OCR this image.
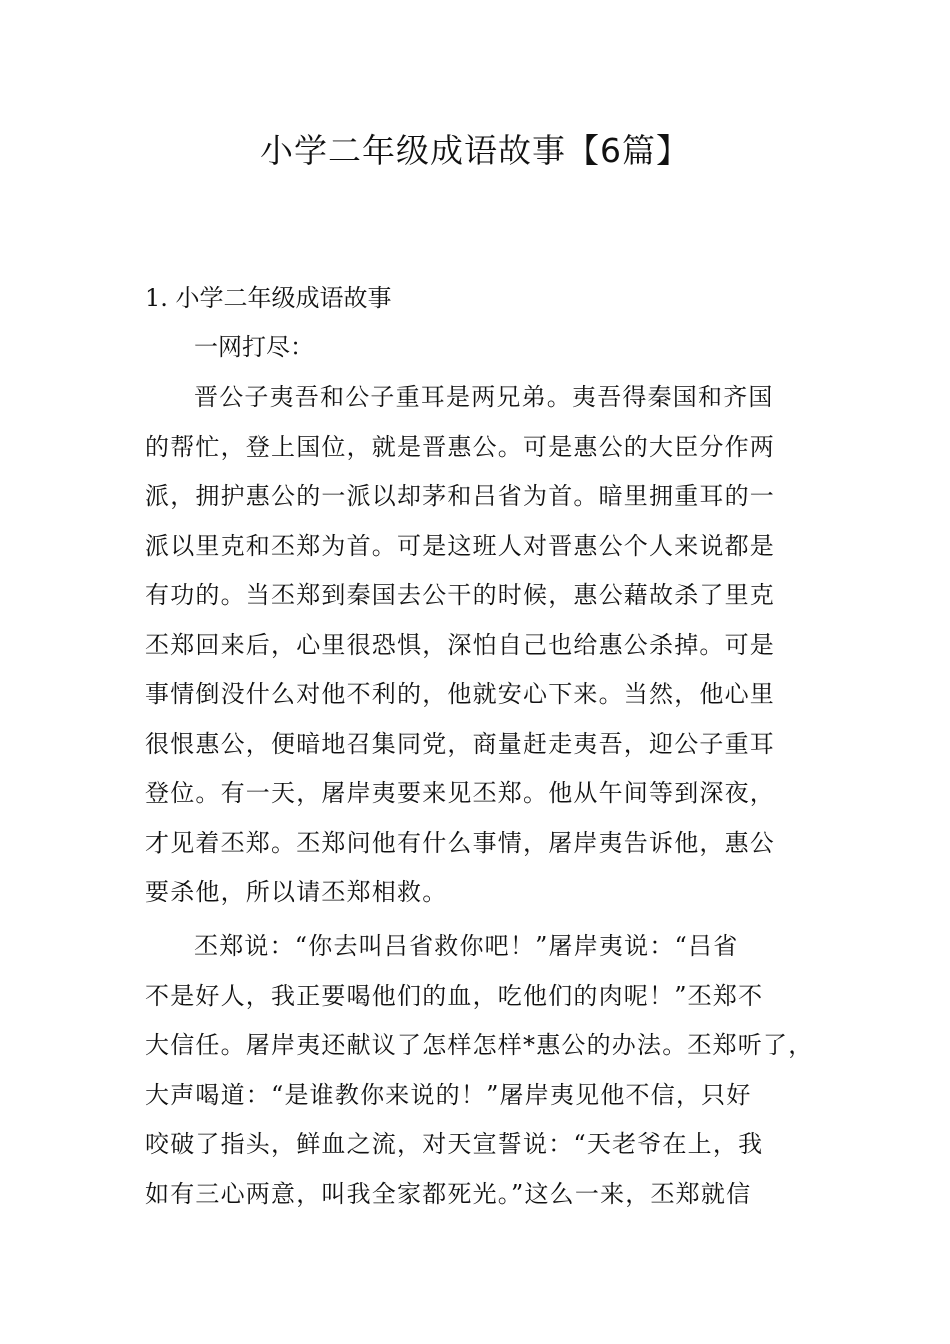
小学二年级成语故事【6篇】
1. 小学二年级成语故事

一网打尽：

晋公子夷吾和公子重耳是两兄弟。夷吾得秦国和齐国
的帮忙，登上国位，就是晋惠公。可是惠公的大臣分作两
派，拥护惠公的一派以却茅和吕省为首。暗里拥重耳的一
派以里克和丕郑为首。可是这班人对晋惠公个人来说都是
有功的。当丕郑到秦国去公干的时候，惠公藉故杀了里克
丕郑回来后，心里很恐惧，深怕自己也给惠公杀掉。可是
事情倒没什么对他不利的，他就安心下来。当然，他心里
很恨惠公，便暗地召集同党，商量赶走夷吾，迎公子重耳
登位。有一天，屠岸夷要来见丕郑。他从午间等到深夜，
才见着丕郑。丕郑问他有什么事情，屠岸夷告诉他，惠公
要杀他，所以请丕郑相救。

丕郑说：“你去叫吕省救你吧！”屠岸夷说：“吕省
不是好人，我正要喝他们的血，吃他们的肉呢！”丕郑不
大信任。屠岸夷还献议了怎样怎样*惠公的办法。丕郑听了，
大声喝道：“是谁教你来说的！”屠岸夷见他不信，只好
咬破了指头，鲜血之流，对天宣誓说：“天老爷在上，我
如有三心两意，叫我全家都死光。”这么一来，丕郑就信
